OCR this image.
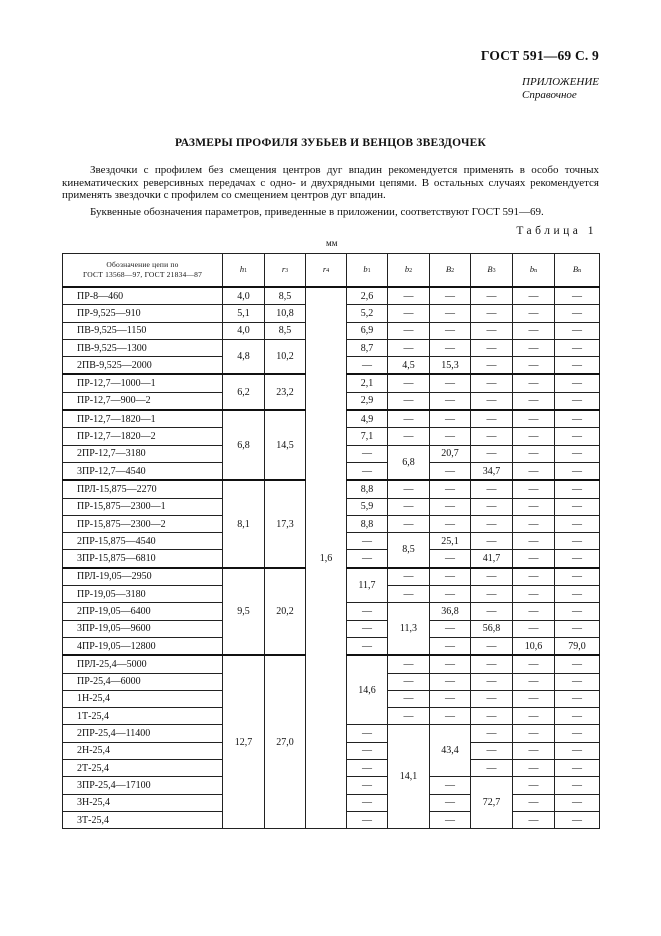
ГОСТ 591—69 С. 9
ПРИЛОЖЕНИЕ
Справочное
РАЗМЕРЫ ПРОФИЛЯ ЗУБЬЕВ И ВЕНЦОВ ЗВЕЗДОЧЕК

Звездочки с профилем без смещения центров дуг впадин рекомендуется применять в особо точных кинематических реверсивных передачах с одно- и двухрядными цепями. В остальных случаях рекомендуется применять звездочки с профилем со смещением центров дуг впадин.

Буквенные обозначения параметров, приведенные в приложении, соответствуют ГОСТ 591—69.

Таблица 1
мм
Обозначение цепи по
ГОСТ 13568—97, ГОСТ 21834—87	h1	r3	r4	b1	b2	B2	B3	bn	Bn
ПР-8—460	4,0	8,5	1,6	2,6	—	—	—	—	—
ПР-9,525—910	5,1	10,8		5,2	—	—	—	—	—
ПВ-9,525—1150	4,0	8,5		6,9	—	—	—	—	—
ПВ-9,525—1300	4,8	10,2		8,7	—	—	—	—	—
2ПВ-9,525—2000				—	4,5	15,3	—	—	—
ПР-12,7—1000—1	6,2	23,2		2,1	—	—	—	—	—
ПР-12,7—900—2				2,9	—	—	—	—	—
ПР-12,7—1820—1	6,8	14,5		4,9	—	—	—	—	—
ПР-12,7—1820—2				7,1	—	—	—	—	—
2ПР-12,7—3180				—	6,8	20,7	—	—	—
3ПР-12,7—4540				—		—	34,7	—	—
ПРЛ-15,875—2270	8,1	17,3		8,8	—	—	—	—	—
ПР-15,875—2300—1				5,9	—	—	—	—	—
ПР-15,875—2300—2				8,8	—	—	—	—	—
2ПР-15,875—4540				—	8,5	25,1	—	—	—
3ПР-15,875—6810				—		—	41,7	—	—
ПРЛ-19,05—2950	9,5	20,2		11,7	—	—	—	—	—
ПР-19,05—3180					—	—	—	—	—
2ПР-19,05—6400				—	11,3	36,8	—	—	—
3ПР-19,05—9600				—		—	56,8	—	—
4ПР-19,05—12800				—		—	—	10,6	79,0
ПРЛ-25,4—5000	12,7	27,0		14,6	—	—	—	—	—
ПР-25,4—6000					—	—	—	—	—
1Н-25,4					—	—	—	—	—
1Т-25,4					—	—	—	—	—
2ПР-25,4—11400				—	14,1	43,4	—	—	—
2Н-25,4				—			—	—	—
2Т-25,4				—			—	—	—
3ПР-25,4—17100				—		—	72,7	—	—
3Н-25,4				—		—		—	—
3Т-25,4				—		—		—	—
